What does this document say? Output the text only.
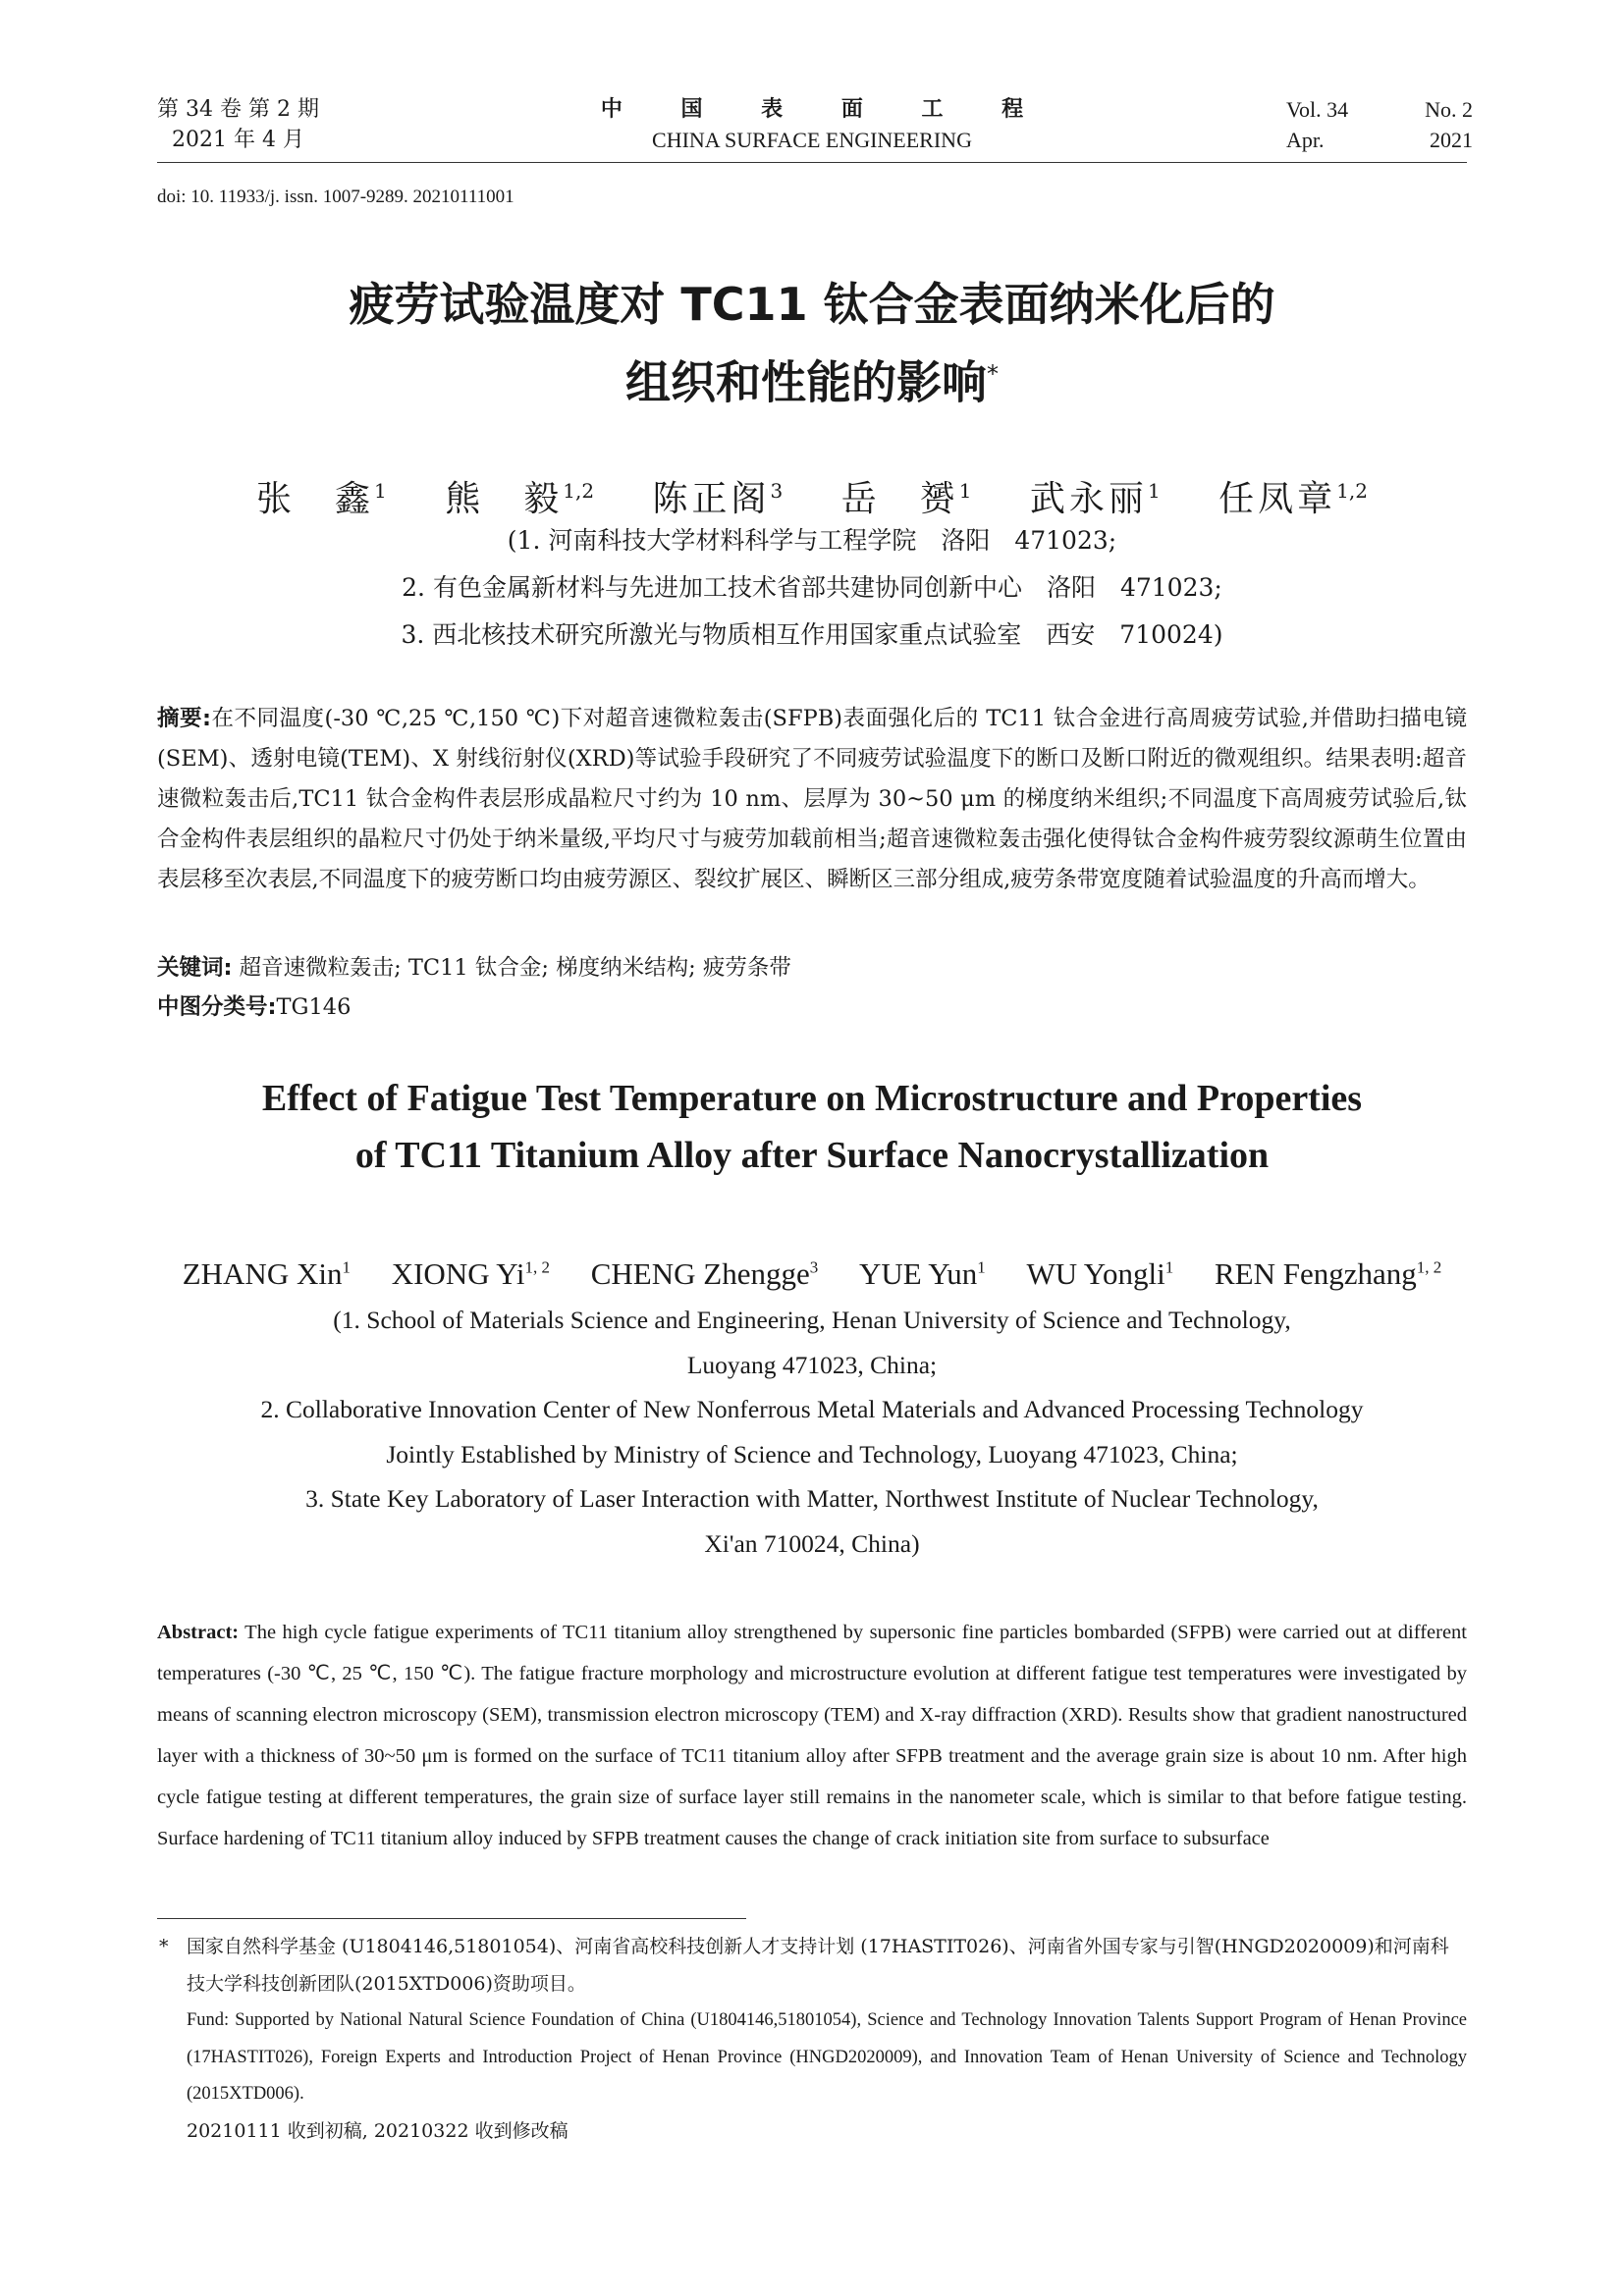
第 34 卷 第 2 期
2021 年 4 月
中 国 表 面 工 程
CHINA SURFACE ENGINEERING
Vol. 34	No. 2
Apr.	2021
doi: 10. 11933/j. issn. 1007-9289. 20210111001
疲劳试验温度对 TC11 钛合金表面纳米化后的
组织和性能的影响*
张　鑫$^1$ 熊　毅$^{1,2}$ 陈正阁$^3$ 岳　赟$^1$ 武永丽$^1$ 任凤章$^{1,2}$
(1. 河南科技大学材料科学与工程学院　洛阳　471023;
2. 有色金属新材料与先进加工技术省部共建协同创新中心　洛阳　471023;
3. 西北核技术研究所激光与物质相互作用国家重点试验室　西安　710024)
摘要:在不同温度(-30 ℃,25 ℃,150 ℃)下对超音速微粒轰击(SFPB)表面强化后的 TC11 钛合金进行高周疲劳试验,并借助扫描电镜(SEM)、透射电镜(TEM)、X 射线衍射仪(XRD)等试验手段研究了不同疲劳试验温度下的断口及断口附近的微观组织。结果表明:超音速微粒轰击后,TC11 钛合金构件表层形成晶粒尺寸约为 10 nm、层厚为 30~50 μm 的梯度纳米组织;不同温度下高周疲劳试验后,钛合金构件表层组织的晶粒尺寸仍处于纳米量级,平均尺寸与疲劳加载前相当;超音速微粒轰击强化使得钛合金构件疲劳裂纹源萌生位置由表层移至次表层,不同温度下的疲劳断口均由疲劳源区、裂纹扩展区、瞬断区三部分组成,疲劳条带宽度随着试验温度的升高而增大。
关键词: 超音速微粒轰击; TC11 钛合金; 梯度纳米结构; 疲劳条带
中图分类号:TG146
Effect of Fatigue Test Temperature on Microstructure and Properties
of TC11 Titanium Alloy after Surface Nanocrystallization
ZHANG Xin$^1$ XIONG Yi$^{1, 2}$ CHENG Zhengge$^3$ YUE Yun$^1$ WU Yongli$^1$ REN Fengzhang$^{1, 2}$
(1. School of Materials Science and Engineering, Henan University of Science and Technology,
Luoyang 471023, China;
2. Collaborative Innovation Center of New Nonferrous Metal Materials and Advanced Processing Technology
Jointly Established by Ministry of Science and Technology, Luoyang 471023, China;
3. State Key Laboratory of Laser Interaction with Matter, Northwest Institute of Nuclear Technology,
Xi'an 710024, China)
Abstract: The high cycle fatigue experiments of TC11 titanium alloy strengthened by supersonic fine particles bombarded (SFPB) were carried out at different temperatures (-30 ℃, 25 ℃, 150 ℃). The fatigue fracture morphology and microstructure evolution at different fatigue test temperatures were investigated by means of scanning electron microscopy (SEM), transmission electron microscopy (TEM) and X-ray diffraction (XRD). Results show that gradient nanostructured layer with a thickness of 30~50 μm is formed on the surface of TC11 titanium alloy after SFPB treatment and the average grain size is about 10 nm. After high cycle fatigue testing at different temperatures, the grain size of surface layer still remains in the nanometer scale, which is similar to that before fatigue testing. Surface hardening of TC11 titanium alloy induced by SFPB treatment causes the change of crack initiation site from surface to subsurface
* 国家自然科学基金 (U1804146,51801054)、河南省高校科技创新人才支持计划 (17HASTIT026)、河南省外国专家与引智(HNGD2020009)和河南科技大学科技创新团队(2015XTD006)资助项目。
Fund: Supported by National Natural Science Foundation of China (U1804146,51801054), Science and Technology Innovation Talents Support Program of Henan Province (17HASTIT026), Foreign Experts and Introduction Project of Henan Province (HNGD2020009), and Innovation Team of Henan University of Science and Technology (2015XTD006).
20210111 收到初稿, 20210322 收到修改稿
